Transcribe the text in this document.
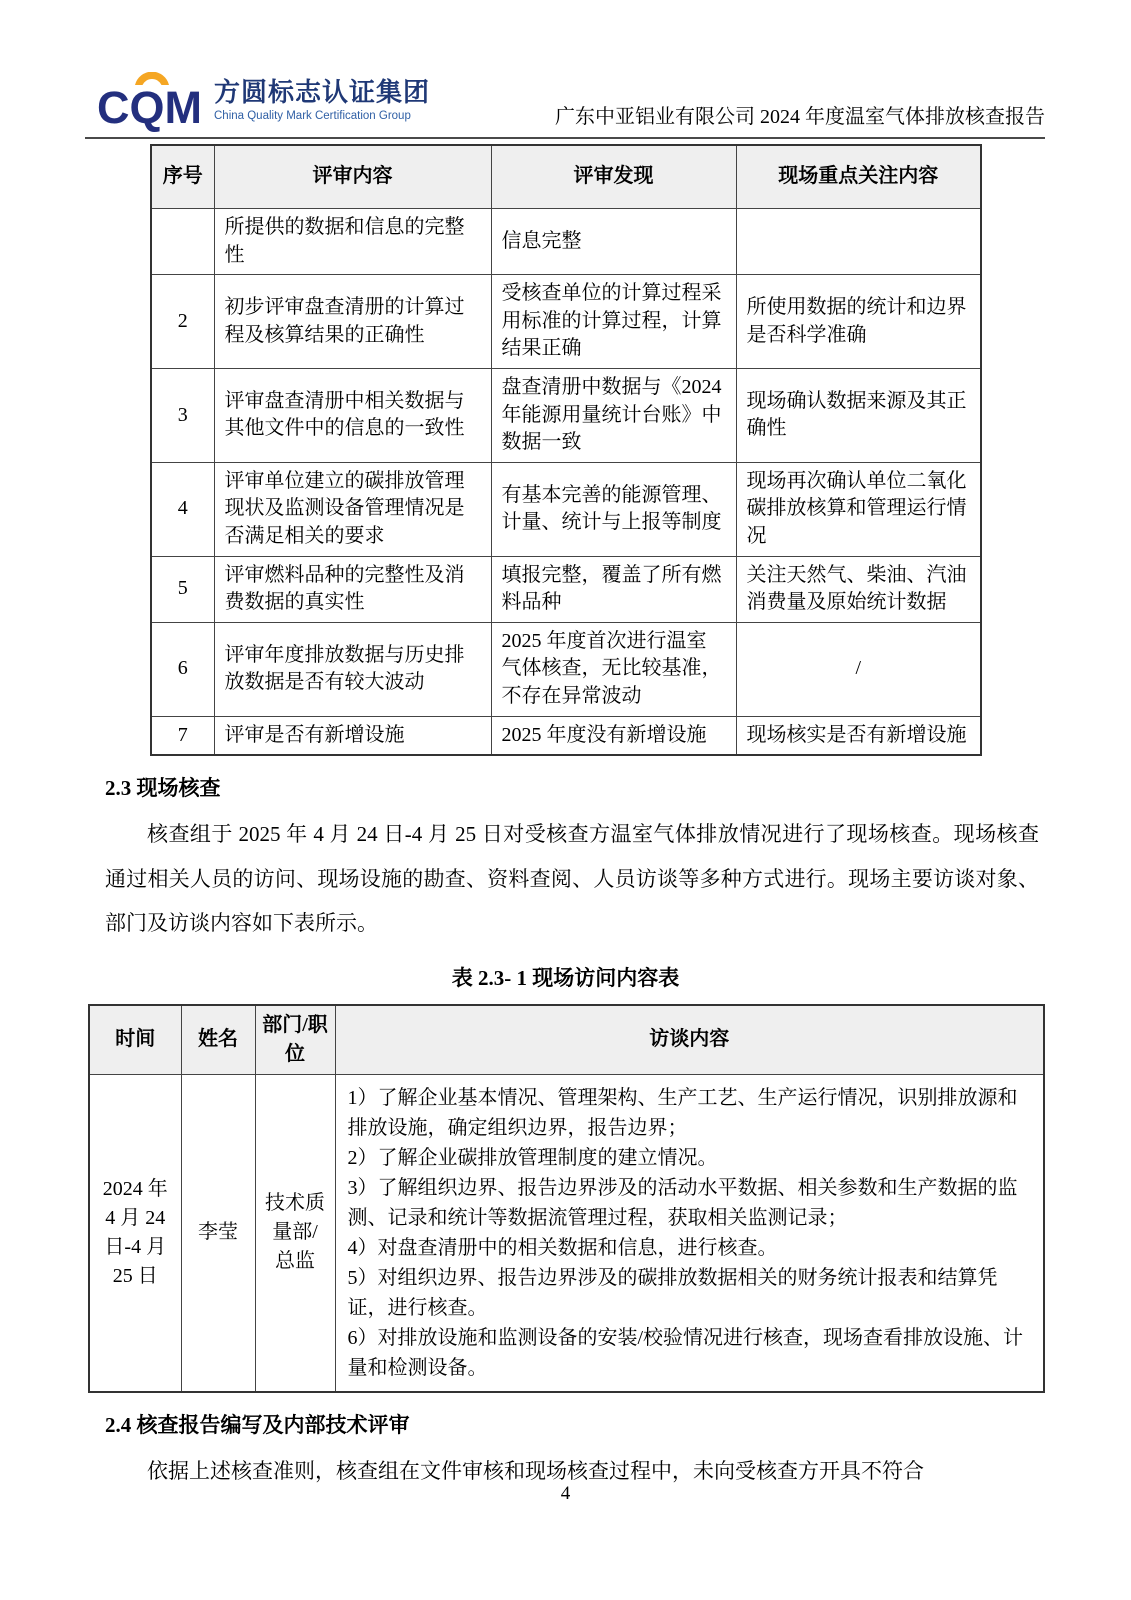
CQM 方圆标志认证集团
China Quality Mark Certification Group	广东中亚铝业有限公司 2024 年度温室气体排放核查报告
序号	评审内容	评审发现	现场重点关注内容
	所提供的数据和信息的完整性	信息完整	
2	初步评审盘查清册的计算过程及核算结果的正确性	受核查单位的计算过程采用标准的计算过程，计算结果正确	所使用数据的统计和边界是否科学准确
3	评审盘查清册中相关数据与其他文件中的信息的一致性	盘查清册中数据与《2024 年能源用量统计台账》中数据一致	现场确认数据来源及其正确性
4	评审单位建立的碳排放管理现状及监测设备管理情况是否满足相关的要求	有基本完善的能源管理、计量、统计与上报等制度	现场再次确认单位二氧化碳排放核算和管理运行情况
5	评审燃料品种的完整性及消费数据的真实性	填报完整，覆盖了所有燃料品种	关注天然气、柴油、汽油消费量及原始统计数据
6	评审年度排放数据与历史排放数据是否有较大波动	2025 年度首次进行温室气体核查，无比较基准，不存在异常波动	/
7	评审是否有新增设施	2025 年度没有新增设施	现场核实是否有新增设施
2.3 现场核查

核查组于 2025 年 4 月 24 日-4 月 25 日对受核查方温室气体排放情况进行了现场核查。现场核查通过相关人员的访问、现场设施的勘查、资料查阅、人员访谈等多种方式进行。现场主要访谈对象、部门及访谈内容如下表所示。

表 2.3- 1 现场访问内容表
时间	姓名	部门/职位	访谈内容
2024 年 4 月 24 日-4 月 25 日	李莹	技术质量部/总监	
1）了解企业基本情况、管理架构、生产工艺、生产运行情况，识别排放源和排放设施，确定组织边界，报告边界；
2）了解企业碳排放管理制度的建立情况。
3）了解组织边界、报告边界涉及的活动水平数据、相关参数和生产数据的监测、记录和统计等数据流管理过程，获取相关监测记录；
4）对盘查清册中的相关数据和信息，进行核查。
5）对组织边界、报告边界涉及的碳排放数据相关的财务统计报表和结算凭证，进行核查。
6）对排放设施和监测设备的安装/校验情况进行核查，现场查看排放设施、计量和检测设备。
2.4 核查报告编写及内部技术评审

依据上述核查准则，核查组在文件审核和现场核查过程中，未向受核查方开具不符合

4
